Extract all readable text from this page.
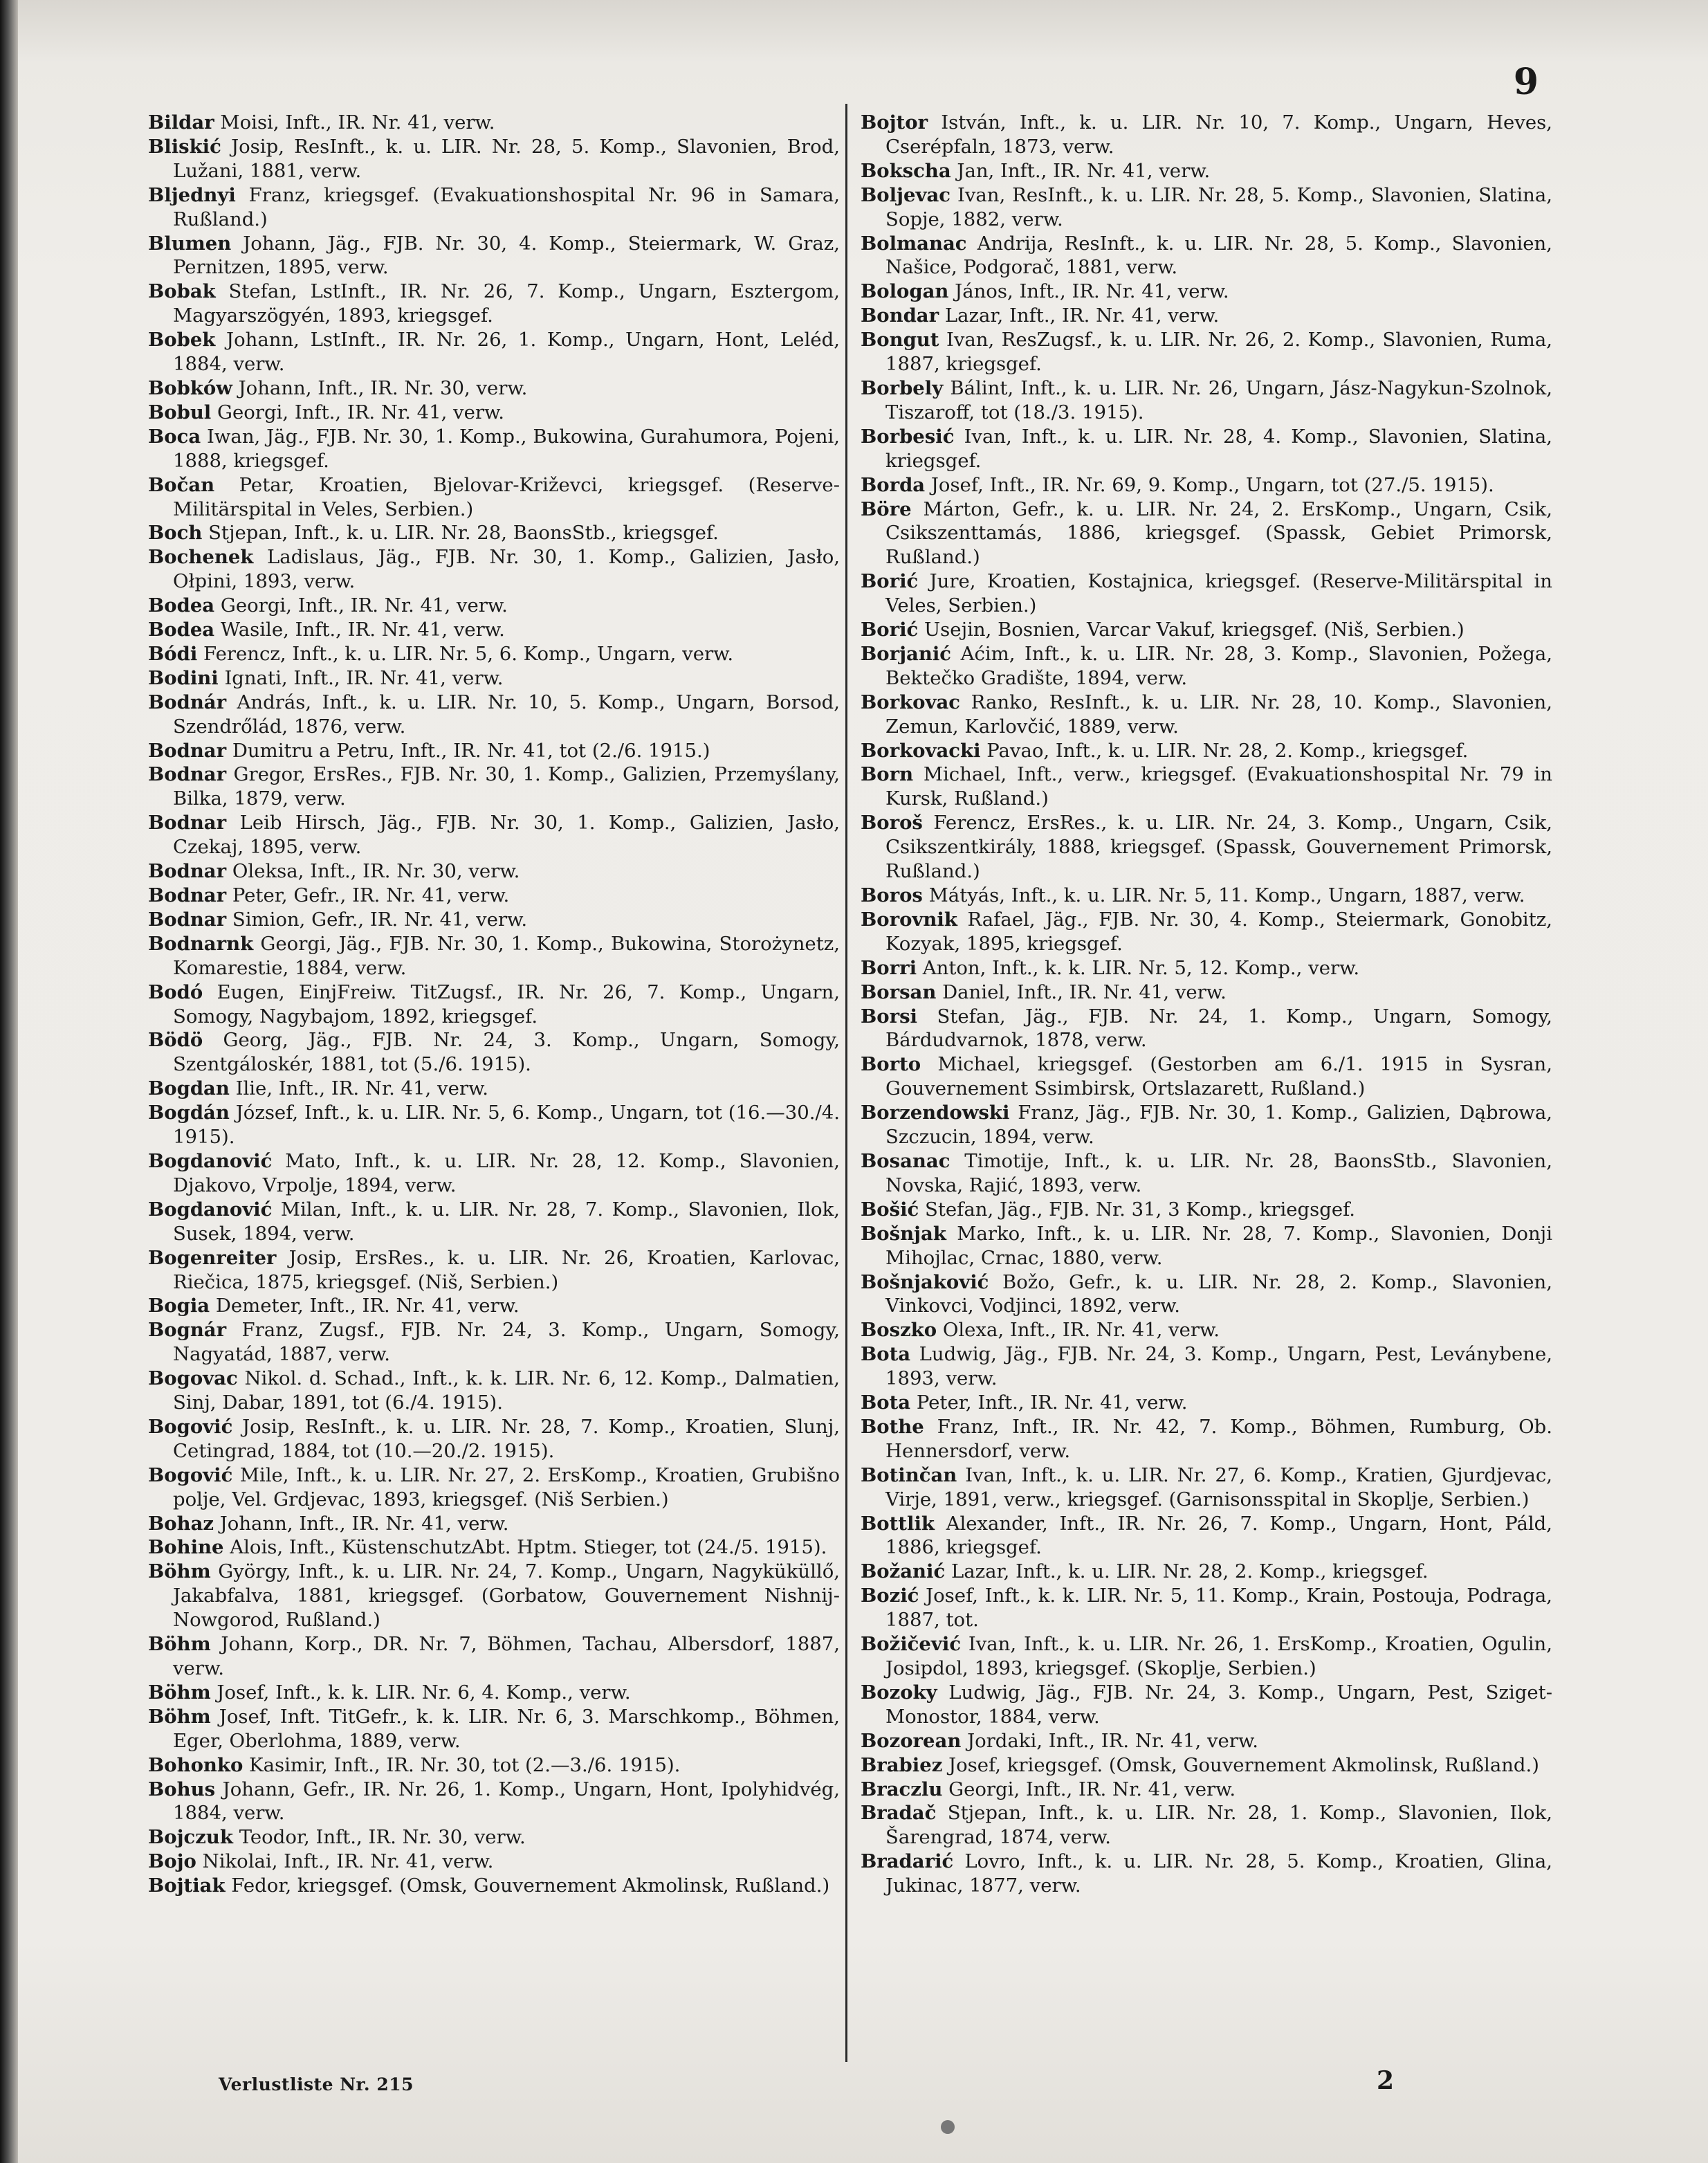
9

Bildar Moisi, Inft., IR. Nr. 41, verw.

Bliskić Josip, ResInft., k. u. LIR. Nr. 28, 5. Komp., Slavonien, Brod, Lužani, 1881, verw.

Bljednyi Franz, kriegsgef. (Evakuationshospital Nr. 96 in Samara, Rußland.)

Blumen Johann, Jäg., FJB. Nr. 30, 4. Komp., Steiermark, W. Graz, Pernitzen, 1895, verw.

Bobak Stefan, LstInft., IR. Nr. 26, 7. Komp., Ungarn, Esztergom, Magyarszögyén, 1893, kriegsgef.

Bobek Johann, LstInft., IR. Nr. 26, 1. Komp., Ungarn, Hont, Leléd, 1884, verw.

Bobków Johann, Inft., IR. Nr. 30, verw.

Bobul Georgi, Inft., IR. Nr. 41, verw.

Boca Iwan, Jäg., FJB. Nr. 30, 1. Komp., Bukowina, Gurahumora, Pojeni, 1888, kriegsgef.

Bočan Petar, Kroatien, Bjelovar-Križevci, kriegsgef. (Reserve-Militärspital in Veles, Serbien.)

Boch Stjepan, Inft., k. u. LIR. Nr. 28, BaonsStb., kriegsgef.

Bochenek Ladislaus, Jäg., FJB. Nr. 30, 1. Komp., Galizien, Jasło, Ołpini, 1893, verw.

Bodea Georgi, Inft., IR. Nr. 41, verw.

Bodea Wasile, Inft., IR. Nr. 41, verw.

Bódi Ferencz, Inft., k. u. LIR. Nr. 5, 6. Komp., Ungarn, verw.

Bodini Ignati, Inft., IR. Nr. 41, verw.

Bodnár András, Inft., k. u. LIR. Nr. 10, 5. Komp., Ungarn, Borsod, Szendrőlád, 1876, verw.

Bodnar Dumitru a Petru, Inft., IR. Nr. 41, tot (2./6. 1915.)

Bodnar Gregor, ErsRes., FJB. Nr. 30, 1. Komp., Galizien, Przemyślany, Bilka, 1879, verw.

Bodnar Leib Hirsch, Jäg., FJB. Nr. 30, 1. Komp., Galizien, Jasło, Czekaj, 1895, verw.

Bodnar Oleksa, Inft., IR. Nr. 30, verw.

Bodnar Peter, Gefr., IR. Nr. 41, verw.

Bodnar Simion, Gefr., IR. Nr. 41, verw.

Bodnarnk Georgi, Jäg., FJB. Nr. 30, 1. Komp., Bukowina, Storożynetz, Komarestie, 1884, verw.

Bodó Eugen, EinjFreiw. TitZugsf., IR. Nr. 26, 7. Komp., Ungarn, Somogy, Nagybajom, 1892, kriegsgef.

Bödö Georg, Jäg., FJB. Nr. 24, 3. Komp., Ungarn, Somogy, Szentgáloskér, 1881, tot (5./6. 1915).

Bogdan Ilie, Inft., IR. Nr. 41, verw.

Bogdán József, Inft., k. u. LIR. Nr. 5, 6. Komp., Ungarn, tot (16.—30./4. 1915).

Bogdanović Mato, Inft., k. u. LIR. Nr. 28, 12. Komp., Slavonien, Djakovo, Vrpolje, 1894, verw.

Bogdanović Milan, Inft., k. u. LIR. Nr. 28, 7. Komp., Slavonien, Ilok, Susek, 1894, verw.

Bogenreiter Josip, ErsRes., k. u. LIR. Nr. 26, Kroatien, Karlovac, Riečica, 1875, kriegsgef. (Niš, Serbien.)

Bogia Demeter, Inft., IR. Nr. 41, verw.

Bognár Franz, Zugsf., FJB. Nr. 24, 3. Komp., Ungarn, Somogy, Nagyatád, 1887, verw.

Bogovac Nikol. d. Schad., Inft., k. k. LIR. Nr. 6, 12. Komp., Dalmatien, Sinj, Dabar, 1891, tot (6./4. 1915).

Bogović Josip, ResInft., k. u. LIR. Nr. 28, 7. Komp., Kroatien, Slunj, Cetingrad, 1884, tot (10.—20./2. 1915).

Bogović Mile, Inft., k. u. LIR. Nr. 27, 2. ErsKomp., Kroatien, Grubišno polje, Vel. Grdjevac, 1893, kriegsgef. (Niš Serbien.)

Bohaz Johann, Inft., IR. Nr. 41, verw.

Bohine Alois, Inft., KüstenschutzAbt. Hptm. Stieger, tot (24./5. 1915).

Böhm György, Inft., k. u. LIR. Nr. 24, 7. Komp., Ungarn, Nagyküküllő, Jakabfalva, 1881, kriegsgef. (Gorbatow, Gouvernement Nishnij-Nowgorod, Rußland.)

Böhm Johann, Korp., DR. Nr. 7, Böhmen, Tachau, Albersdorf, 1887, verw.

Böhm Josef, Inft., k. k. LIR. Nr. 6, 4. Komp., verw.

Böhm Josef, Inft. TitGefr., k. k. LIR. Nr. 6, 3. Marschkomp., Böhmen, Eger, Oberlohma, 1889, verw.

Bohonko Kasimir, Inft., IR. Nr. 30, tot (2.—3./6. 1915).

Bohus Johann, Gefr., IR. Nr. 26, 1. Komp., Ungarn, Hont, Ipolyhidvég, 1884, verw.

Bojczuk Teodor, Inft., IR. Nr. 30, verw.

Bojo Nikolai, Inft., IR. Nr. 41, verw.

Bojtiak Fedor, kriegsgef. (Omsk, Gouvernement Akmolinsk, Rußland.)

Bojtor István, Inft., k. u. LIR. Nr. 10, 7. Komp., Ungarn, Heves, Cserépfaln, 1873, verw.

Bokscha Jan, Inft., IR. Nr. 41, verw.

Boljevac Ivan, ResInft., k. u. LIR. Nr. 28, 5. Komp., Slavonien, Slatina, Sopje, 1882, verw.

Bolmanac Andrija, ResInft., k. u. LIR. Nr. 28, 5. Komp., Slavonien, Našice, Podgorač, 1881, verw.

Bologan János, Inft., IR. Nr. 41, verw.

Bondar Lazar, Inft., IR. Nr. 41, verw.

Bongut Ivan, ResZugsf., k. u. LIR. Nr. 26, 2. Komp., Slavonien, Ruma, 1887, kriegsgef.

Borbely Bálint, Inft., k. u. LIR. Nr. 26, Ungarn, Jász-Nagykun-Szolnok, Tiszaroff, tot (18./3. 1915).

Borbesić Ivan, Inft., k. u. LIR. Nr. 28, 4. Komp., Slavonien, Slatina, kriegsgef.

Borda Josef, Inft., IR. Nr. 69, 9. Komp., Ungarn, tot (27./5. 1915).

Böre Márton, Gefr., k. u. LIR. Nr. 24, 2. ErsKomp., Ungarn, Csik, Csikszenttamás, 1886, kriegsgef. (Spassk, Gebiet Primorsk, Rußland.)

Borić Jure, Kroatien, Kostajnica, kriegsgef. (Reserve-Militärspital in Veles, Serbien.)

Borić Usejin, Bosnien, Varcar Vakuf, kriegsgef. (Niš, Serbien.)

Borjanić Aćim, Inft., k. u. LIR. Nr. 28, 3. Komp., Slavonien, Požega, Bektečko Gradište, 1894, verw.

Borkovac Ranko, ResInft., k. u. LIR. Nr. 28, 10. Komp., Slavonien, Zemun, Karlovčić, 1889, verw.

Borkovacki Pavao, Inft., k. u. LIR. Nr. 28, 2. Komp., kriegsgef.

Born Michael, Inft., verw., kriegsgef. (Evakuationshospital Nr. 79 in Kursk, Rußland.)

Boroš Ferencz, ErsRes., k. u. LIR. Nr. 24, 3. Komp., Ungarn, Csik, Csikszentkirály, 1888, kriegsgef. (Spassk, Gouvernement Primorsk, Rußland.)

Boros Mátyás, Inft., k. u. LIR. Nr. 5, 11. Komp., Ungarn, 1887, verw.

Borovnik Rafael, Jäg., FJB. Nr. 30, 4. Komp., Steiermark, Gonobitz, Kozyak, 1895, kriegsgef.

Borri Anton, Inft., k. k. LIR. Nr. 5, 12. Komp., verw.

Borsan Daniel, Inft., IR. Nr. 41, verw.

Borsi Stefan, Jäg., FJB. Nr. 24, 1. Komp., Ungarn, Somogy, Bárdudvarnok, 1878, verw.

Borto Michael, kriegsgef. (Gestorben am 6./1. 1915 in Sysran, Gouvernement Ssimbirsk, Ortslazarett, Rußland.)

Borzendowski Franz, Jäg., FJB. Nr. 30, 1. Komp., Galizien, Dąbrowa, Szczucin, 1894, verw.

Bosanac Timotije, Inft., k. u. LIR. Nr. 28, BaonsStb., Slavonien, Novska, Rajić, 1893, verw.

Bošić Stefan, Jäg., FJB. Nr. 31, 3 Komp., kriegsgef.

Bošnjak Marko, Inft., k. u. LIR. Nr. 28, 7. Komp., Slavonien, Donji Mihojlac, Crnac, 1880, verw.

Bošnjaković Božo, Gefr., k. u. LIR. Nr. 28, 2. Komp., Slavonien, Vinkovci, Vodjinci, 1892, verw.

Boszko Olexa, Inft., IR. Nr. 41, verw.

Bota Ludwig, Jäg., FJB. Nr. 24, 3. Komp., Ungarn, Pest, Leványbene, 1893, verw.

Bota Peter, Inft., IR. Nr. 41, verw.

Bothe Franz, Inft., IR. Nr. 42, 7. Komp., Böhmen, Rumburg, Ob. Hennersdorf, verw.

Botinčan Ivan, Inft., k. u. LIR. Nr. 27, 6. Komp., Kratien, Gjurdjevac, Virje, 1891, verw., kriegsgef. (Garnisonsspital in Skoplje, Serbien.)

Bottlik Alexander, Inft., IR. Nr. 26, 7. Komp., Ungarn, Hont, Páld, 1886, kriegsgef.

Božanić Lazar, Inft., k. u. LIR. Nr. 28, 2. Komp., kriegsgef.

Bozić Josef, Inft., k. k. LIR. Nr. 5, 11. Komp., Krain, Postouja, Podraga, 1887, tot.

Božičević Ivan, Inft., k. u. LIR. Nr. 26, 1. ErsKomp., Kroatien, Ogulin, Josipdol, 1893, kriegsgef. (Skoplje, Serbien.)

Bozoky Ludwig, Jäg., FJB. Nr. 24, 3. Komp., Ungarn, Pest, Sziget-Monostor, 1884, verw.

Bozorean Jordaki, Inft., IR. Nr. 41, verw.

Brabiez Josef, kriegsgef. (Omsk, Gouvernement Akmolinsk, Rußland.)

Braczlu Georgi, Inft., IR. Nr. 41, verw.

Bradač Stjepan, Inft., k. u. LIR. Nr. 28, 1. Komp., Slavonien, Ilok, Šarengrad, 1874, verw.

Bradarić Lovro, Inft., k. u. LIR. Nr. 28, 5. Komp., Kroatien, Glina, Jukinac, 1877, verw.

Verlustliste Nr. 215	2
